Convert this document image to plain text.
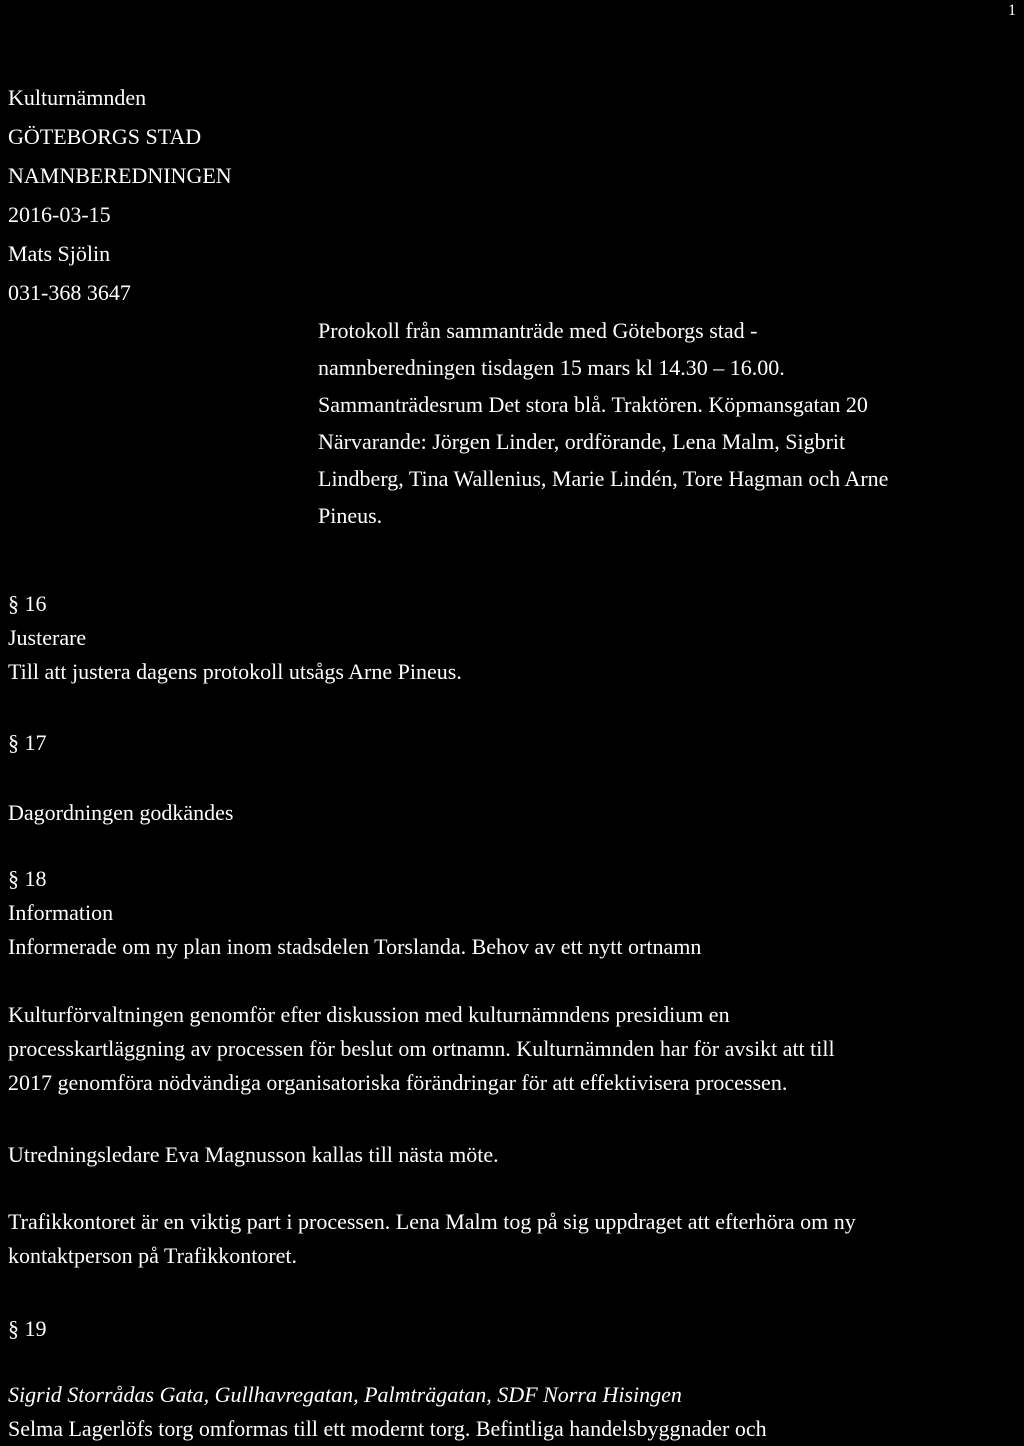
1
Kulturnämnden
GÖTEBORGS STAD
NAMNBEREDNINGEN
2016-03-15
Mats Sjölin
031-368 3647
Protokoll från sammanträde med Göteborgs stad -
namnberedningen tisdagen 15 mars kl 14.30 – 16.00.
Sammanträdesrum Det stora blå. Traktören. Köpmansgatan 20
Närvarande: Jörgen Linder, ordförande, Lena Malm, Sigbrit
Lindberg, Tina Wallenius, Marie Lindén, Tore Hagman och Arne
Pineus.
§ 16
Justerare
Till att justera dagens protokoll utsågs Arne Pineus.
§ 17
Dagordningen godkändes
§ 18
Information
Informerade om ny plan inom stadsdelen Torslanda. Behov av ett nytt ortnamn
Kulturförvaltningen genomför efter diskussion med kulturnämndens presidium en
processkartläggning av processen för beslut om ortnamn. Kulturnämnden har för avsikt att till
2017 genomföra nödvändiga organisatoriska förändringar för att effektivisera processen.
Utredningsledare Eva Magnusson kallas till nästa möte.
Trafikkontoret är en viktig part i processen. Lena Malm tog på sig uppdraget att efterhöra om ny
kontaktperson på Trafikkontoret.
§ 19
Sigrid Storrådas Gata, Gullhavregatan, Palmträgatan, SDF Norra Hisingen
Selma Lagerlöfs torg omformas till ett modernt torg. Befintliga handelsbyggnader och
